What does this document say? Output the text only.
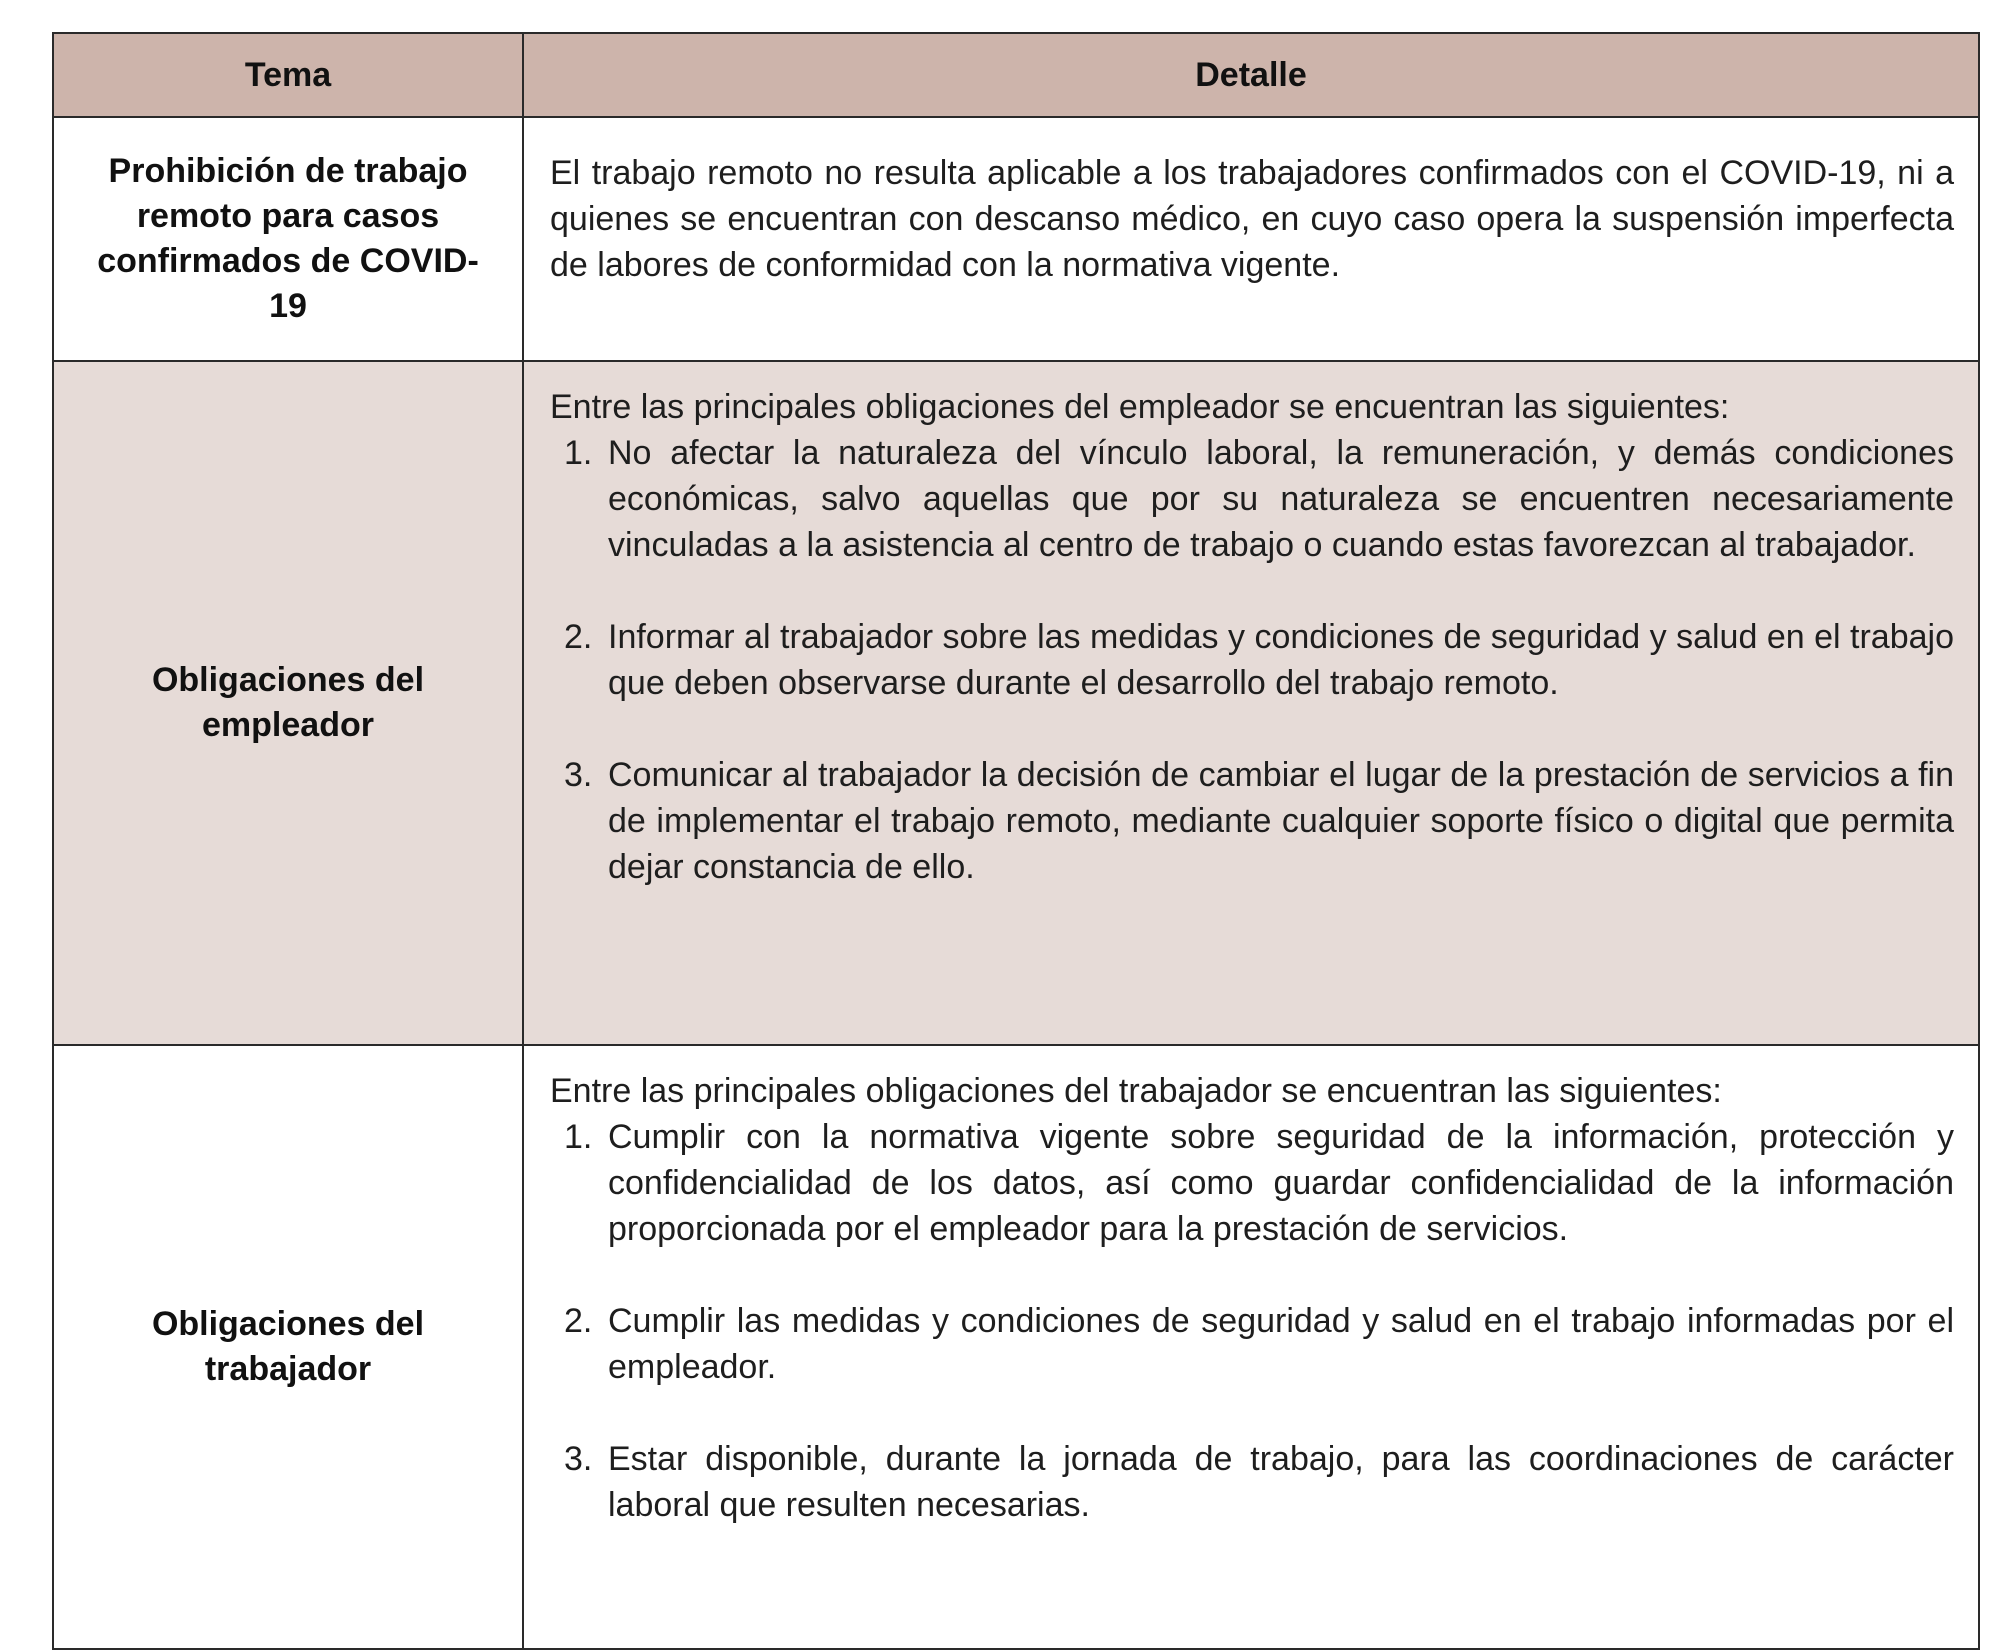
Tema	Detalle
Prohibición de trabajo remoto para casos confirmados de COVID-19

El trabajo remoto no resulta aplicable a los trabajadores confirmados con el COVID-19, ni a quienes se encuentran con descanso médico, en cuyo caso opera la suspensión imperfecta de labores de conformidad con la normativa vigente.

Obligaciones del empleador

Entre las principales obligaciones del empleador se encuentran las siguientes:

1. No afectar la naturaleza del vínculo laboral, la remuneración, y demás condiciones económicas, salvo aquellas que por su naturaleza se encuentren necesariamente vinculadas a la asistencia al centro de trabajo o cuando estas favorezcan al trabajador.
2. Informar al trabajador sobre las medidas y condiciones de seguridad y salud en el trabajo que deben observarse durante el desarrollo del trabajo remoto.
3. Comunicar al trabajador la decisión de cambiar el lugar de la prestación de servicios a fin de implementar el trabajo remoto, mediante cualquier soporte físico o digital que permita dejar constancia de ello.
Obligaciones del trabajador

Entre las principales obligaciones del trabajador se encuentran las siguientes:

1. Cumplir con la normativa vigente sobre seguridad de la información, protección y confidencialidad de los datos, así como guardar confidencialidad de la información proporcionada por el empleador para la prestación de servicios.
2. Cumplir las medidas y condiciones de seguridad y salud en el trabajo informadas por el empleador.
3. Estar disponible, durante la jornada de trabajo, para las coordinaciones de carácter laboral que resulten necesarias.
